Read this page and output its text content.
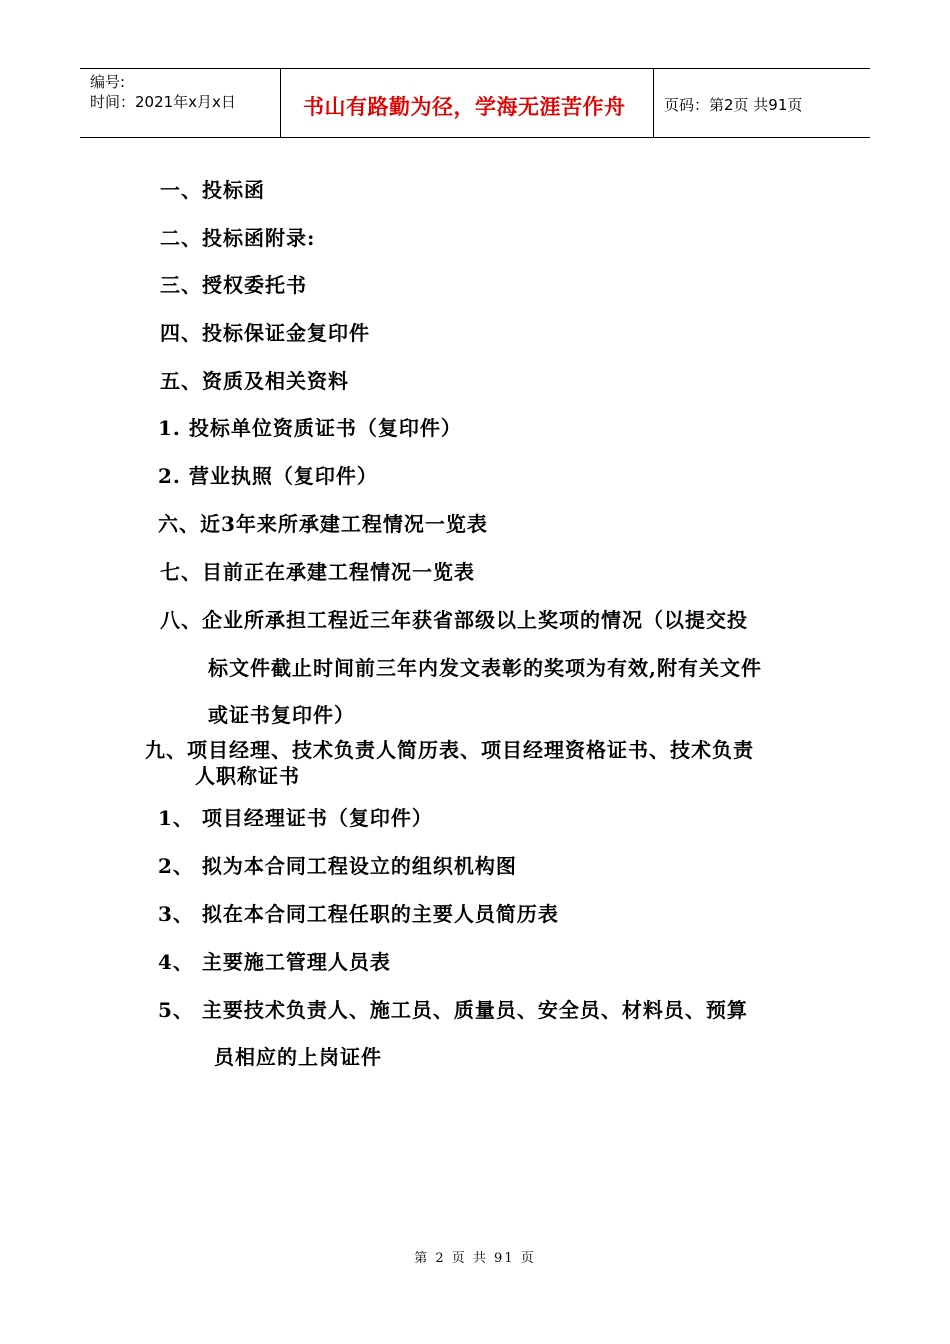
编号:
时间：2021年x月x日	书山有路勤为径，学海无涯苦作舟	页码：第2页 共91页
一、投标函
二、投标函附录:
三、授权委托书
四、投标保证金复印件
五、资质及相关资料
1. 投标单位资质证书（复印件）
2. 营业执照（复印件）
六、近3年来所承建工程情况一览表
七、目前正在承建工程情况一览表
八、企业所承担工程近三年获省部级以上奖项的情况（以提交投
标文件截止时间前三年内发文表彰的奖项为有效,附有关文件
或证书复印件）
九、项目经理、技术负责人简历表、项目经理资格证书、技术负责
人职称证书
1、 项目经理证书（复印件）
2、 拟为本合同工程设立的组织机构图
3、 拟在本合同工程任职的主要人员简历表
4、 主要施工管理人员表
5、 主要技术负责人、施工员、质量员、安全员、材料员、预算
员相应的上岗证件
第 2 页 共 91 页
